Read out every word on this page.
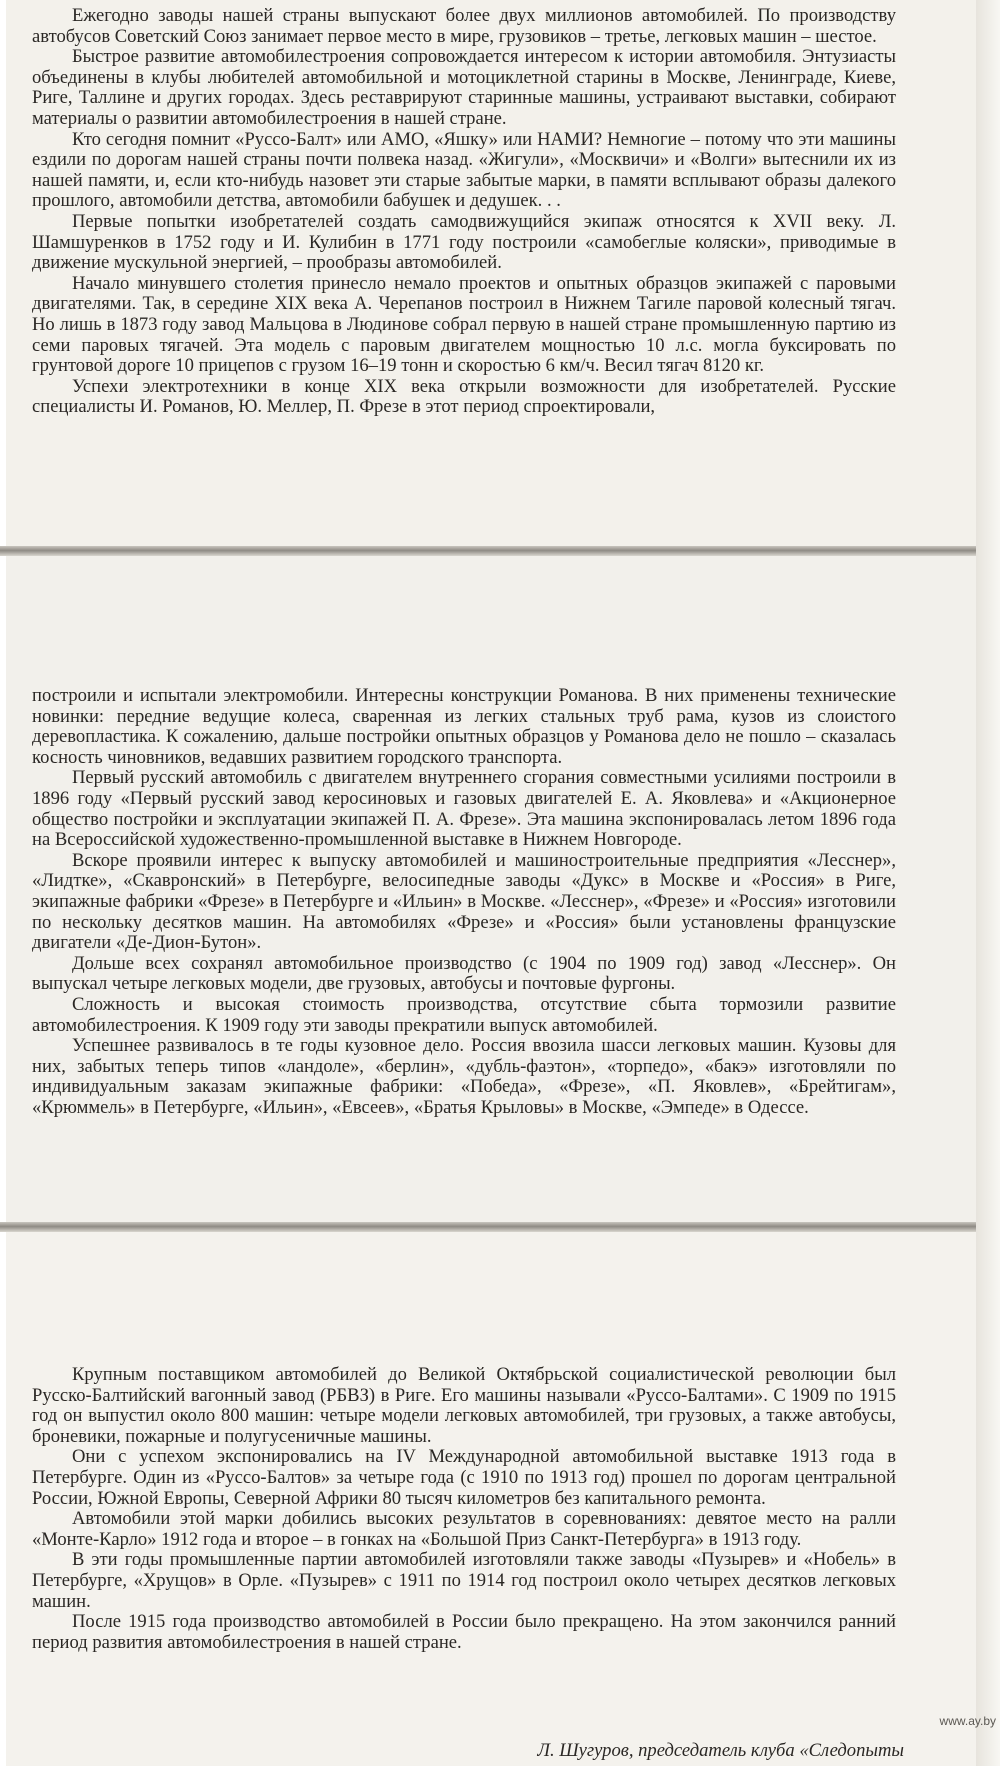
Ежегодно заводы нашей страны выпускают более двух миллионов автомобилей. По производству автобусов Советский Союз занимает первое место в мире, грузовиков – третье, легковых машин – шестое.

Быстрое развитие автомобилестроения сопровождается интересом к истории автомобиля. Энтузиасты объединены в клубы любителей автомобильной и мотоциклетной старины в Москве, Ленинграде, Киеве, Риге, Таллине и других городах. Здесь реставрируют старинные машины, устраивают выставки, собирают материалы о развитии автомобилестроения в нашей стране.

Кто сегодня помнит «Руссо-Балт» или АМО, «Яшку» или НАМИ? Немногие – потому что эти машины ездили по дорогам нашей страны почти полвека назад. «Жигули», «Москвичи» и «Волги» вытеснили их из нашей памяти, и, если кто-нибудь назовет эти старые забытые марки, в памяти всплывают образы далекого прошлого, автомобили детства, автомобили бабушек и дедушек. . .

Первые попытки изобретателей создать самодвижущийся экипаж относятся к XVII веку. Л. Шамшуренков в 1752 году и И. Кулибин в 1771 году построили «самобеглые коляски», приводимые в движение мускульной энергией, – прообразы автомобилей.

Начало минувшего столетия принесло немало проектов и опытных образцов экипажей с паровыми двигателями. Так, в середине XIX века А. Черепанов построил в Нижнем Тагиле паровой колесный тягач. Но лишь в 1873 году завод Мальцова в Людинове собрал первую в нашей стране промышленную партию из семи паровых тягачей. Эта модель с паровым двигателем мощностью 10 л.с. могла буксировать по грунтовой дороге 10 прицепов с грузом 16–19 тонн и скоростью 6 км/ч. Весил тягач 8120 кг.

Успехи электротехники в конце XIX века открыли возможности для изобретателей. Русские специалисты И. Романов, Ю. Меллер, П. Фрезе в этот период спроектировали,

построили и испытали электромобили. Интересны конструкции Романова. В них применены технические новинки: передние ведущие колеса, сваренная из легких стальных труб рама, кузов из слоистого деревопластика. К сожалению, дальше постройки опытных образцов у Романова дело не пошло – сказалась косность чиновников, ведавших развитием городского транспорта.

Первый русский автомобиль с двигателем внутреннего сгорания совместными усилиями построили в 1896 году «Первый русский завод керосиновых и газовых двигателей Е. А. Яковлева» и «Акционерное общество постройки и эксплуатации экипажей П. А. Фрезе». Эта машина экспонировалась летом 1896 года на Всероссийской художественно-промышленной выставке в Нижнем Новгороде.

Вскоре проявили интерес к выпуску автомобилей и машиностроительные предприятия «Лесснер», «Лидтке», «Скавронский» в Петербурге, велосипедные заводы «Дукс» в Москве и «Россия» в Риге, экипажные фабрики «Фрезе» в Петербурге и «Ильин» в Москве. «Лесснер», «Фрезе» и «Россия» изготовили по нескольку десятков машин. На автомобилях «Фрезе» и «Россия» были установлены французские двигатели «Де-Дион-Бутон».

Дольше всех сохранял автомобильное производство (с 1904 по 1909 год) завод «Лесснер». Он выпускал четыре легковых модели, две грузовых, автобусы и почтовые фургоны.

Сложность и высокая стоимость производства, отсутствие сбыта тормозили развитие автомобилестроения. К 1909 году эти заводы прекратили выпуск автомобилей.

Успешнее развивалось в те годы кузовное дело. Россия ввозила шасси легковых машин. Кузовы для них, забытых теперь типов «ландоле», «берлин», «дубль-фаэтон», «торпедо», «бакэ» изготовляли по индивидуальным заказам экипажные фабрики: «Победа», «Фрезе», «П. Яковлев», «Брейтигам», «Крюммель» в Петербурге, «Ильин», «Евсеев», «Братья Крыловы» в Москве, «Эмпеде» в Одессе.

Крупным поставщиком автомобилей до Великой Октябрьской социалистической революции был Русско-Балтийский вагонный завод (РБВЗ) в Риге. Его машины называли «Руссо-Балтами». С 1909 по 1915 год он выпустил около 800 машин: четыре модели легковых автомобилей, три грузовых, а также автобусы, броневики, пожарные и полугусеничные машины.

Они с успехом экспонировались на IV Международной автомобильной выставке 1913 года в Петербурге. Один из «Руссо-Балтов» за четыре года (с 1910 по 1913 год) прошел по дорогам центральной России, Южной Европы, Северной Африки 80 тысяч километров без капитального ремонта.

Автомобили этой марки добились высоких результатов в соревнованиях: девятое место на ралли «Монте-Карло» 1912 года и второе – в гонках на «Большой Приз Санкт-Петербурга» в 1913 году.

В эти годы промышленные партии автомобилей изготовляли также заводы «Пузырев» и «Нобель» в Петербурге, «Хрущов» в Орле. «Пузырев» с 1911 по 1914 год построил около четырех десятков легковых машин.

После 1915 года производство автомобилей в России было прекращено. На этом закончился ранний период развития автомобилестроения в нашей стране.

Л. Шугуров, председатель клуба «Следопыты
www.ay.by
